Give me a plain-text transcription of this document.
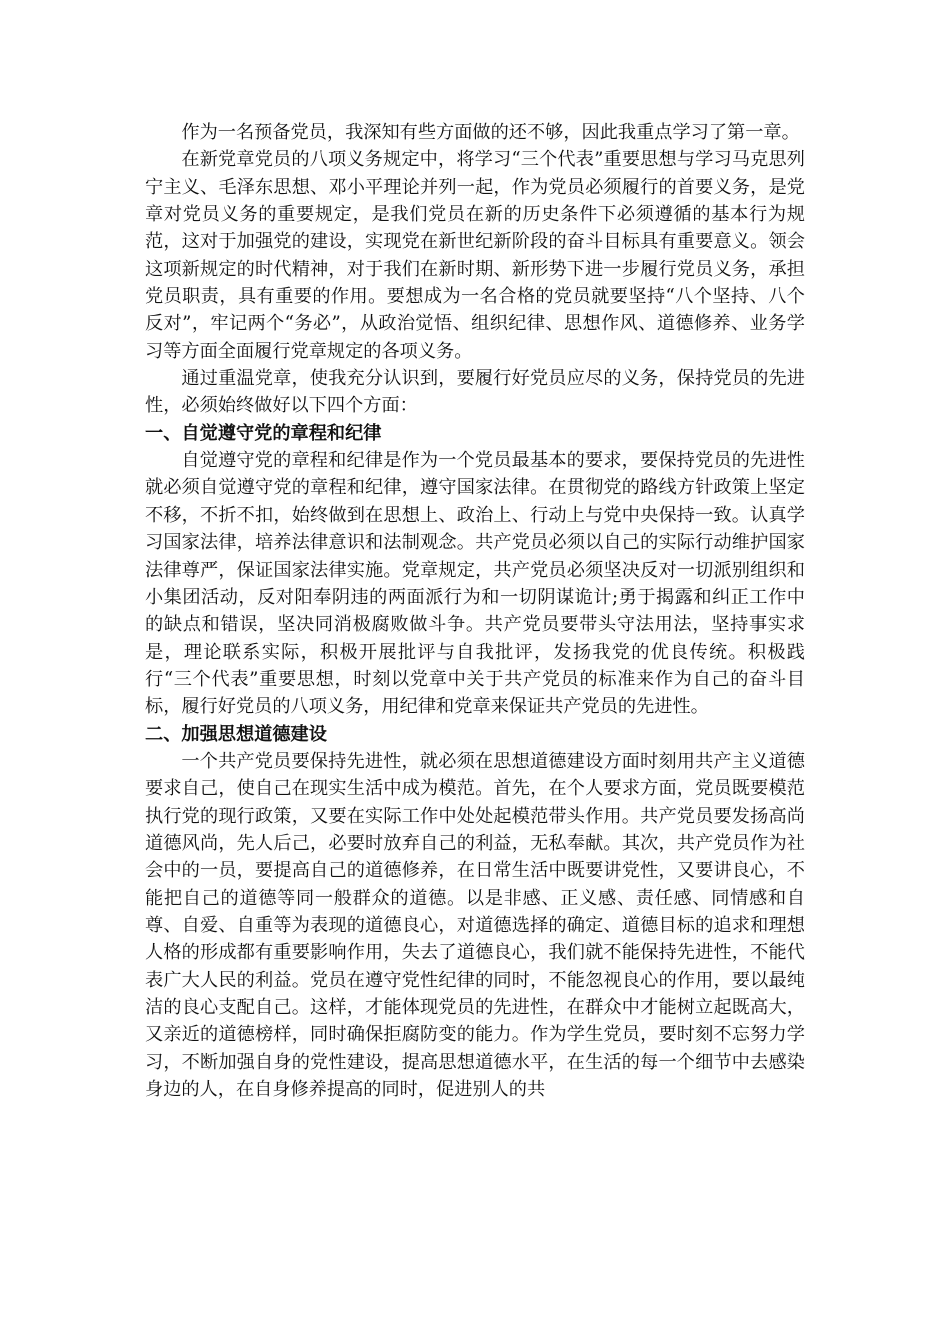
作为一名预备党员，我深知有些方面做的还不够，因此我重点学习了第一章。

在新党章党员的八项义务规定中，将学习“三个代表”重要思想与学习马克思列宁主义、毛泽东思想、邓小平理论并列一起，作为党员必须履行的首要义务，是党章对党员义务的重要规定，是我们党员在新的历史条件下必须遵循的基本行为规范，这对于加强党的建设，实现党在新世纪新阶段的奋斗目标具有重要意义。领会这项新规定的时代精神，对于我们在新时期、新形势下进一步履行党员义务，承担党员职责，具有重要的作用。要想成为一名合格的党员就要坚持“八个坚持、八个反对”，牢记两个“务必”，从政治觉悟、组织纪律、思想作风、道德修养、业务学习等方面全面履行党章规定的各项义务。

通过重温党章，使我充分认识到，要履行好党员应尽的义务，保持党员的先进性，必须始终做好以下四个方面：

一、自觉遵守党的章程和纪律

自觉遵守党的章程和纪律是作为一个党员最基本的要求，要保持党员的先进性就必须自觉遵守党的章程和纪律，遵守国家法律。在贯彻党的路线方针政策上坚定不移，不折不扣，始终做到在思想上、政治上、行动上与党中央保持一致。认真学习国家法律，培养法律意识和法制观念。共产党员必须以自己的实际行动维护国家法律尊严，保证国家法律实施。党章规定，共产党员必须坚决反对一切派别组织和小集团活动，反对阳奉阴违的两面派行为和一切阴谋诡计;勇于揭露和纠正工作中的缺点和错误，坚决同消极腐败做斗争。共产党员要带头守法用法，坚持事实求是，理论联系实际，积极开展批评与自我批评，发扬我党的优良传统。积极践行“三个代表”重要思想，时刻以党章中关于共产党员的标准来作为自己的奋斗目标，履行好党员的八项义务，用纪律和党章来保证共产党员的先进性。

二、加强思想道德建设

一个共产党员要保持先进性，就必须在思想道德建设方面时刻用共产主义道德要求自己，使自己在现实生活中成为模范。首先，在个人要求方面，党员既要模范执行党的现行政策，又要在实际工作中处处起模范带头作用。共产党员要发扬高尚道德风尚，先人后己，必要时放弃自己的利益，无私奉献。其次，共产党员作为社会中的一员，要提高自己的道德修养，在日常生活中既要讲党性，又要讲良心，不能把自己的道德等同一般群众的道德。以是非感、正义感、责任感、同情感和自尊、自爱、自重等为表现的道德良心，对道德选择的确定、道德目标的追求和理想人格的形成都有重要影响作用，失去了道德良心，我们就不能保持先进性，不能代表广大人民的利益。党员在遵守党性纪律的同时，不能忽视良心的作用，要以最纯洁的良心支配自己。这样，才能体现党员的先进性，在群众中才能树立起既高大，又亲近的道德榜样，同时确保拒腐防变的能力。作为学生党员，要时刻不忘努力学习，不断加强自身的党性建设，提高思想道德水平，在生活的每一个细节中去感染身边的人，在自身修养提高的同时，促进别人的共
